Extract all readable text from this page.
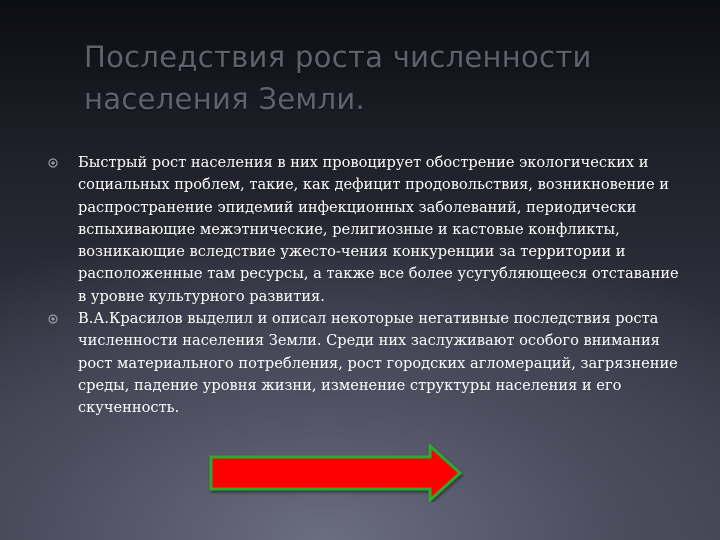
Последствия роста численности населения Земли.
Быстрый рост населения в них провоцирует обострение экологических и социальных проблем, такие, как дефицит продовольствия, возникновение и распространение эпидемий инфекционных заболеваний, периодически вспыхивающие межэтнические, религиозные и кастовые конфликты, возникающие вследствие ужесто-чения конкуренции за территории и расположенные там ресурсы, а также все более усугубляющееся отставание в уровне культурного развития.
В.А.Красилов выделил и описал некоторые негативные последствия роста численности населения Земли. Среди них заслуживают особого внимания рост материального потребления, рост городских агломераций, загрязнение среды, падение уровня жизни, изменение структуры населения и его скученность.
